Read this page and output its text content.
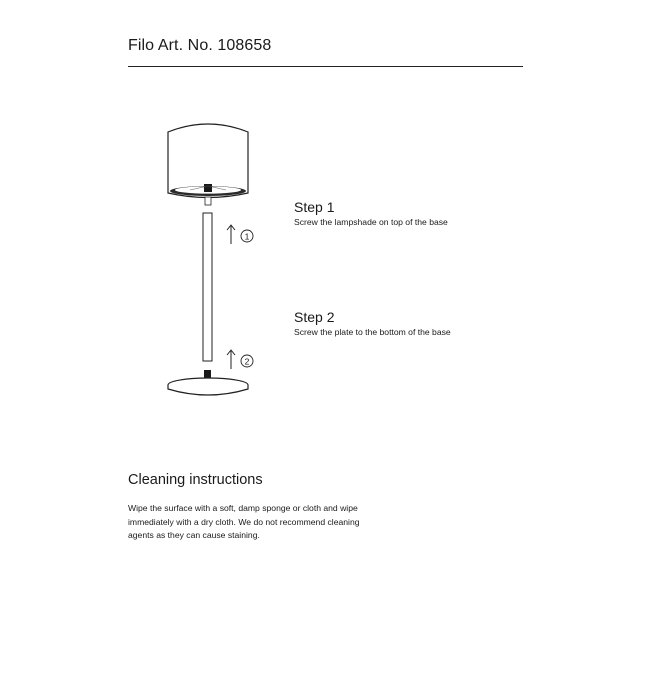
Filo Art. No. 108658
1
2
Step 1
Screw the lampshade on top of the base
Step 2
Screw the plate to the bottom of the base
Cleaning instructions
Wipe the surface with a soft, damp sponge or cloth and wipe
immediately with a dry cloth. We do not recommend cleaning
agents as they can cause staining.
